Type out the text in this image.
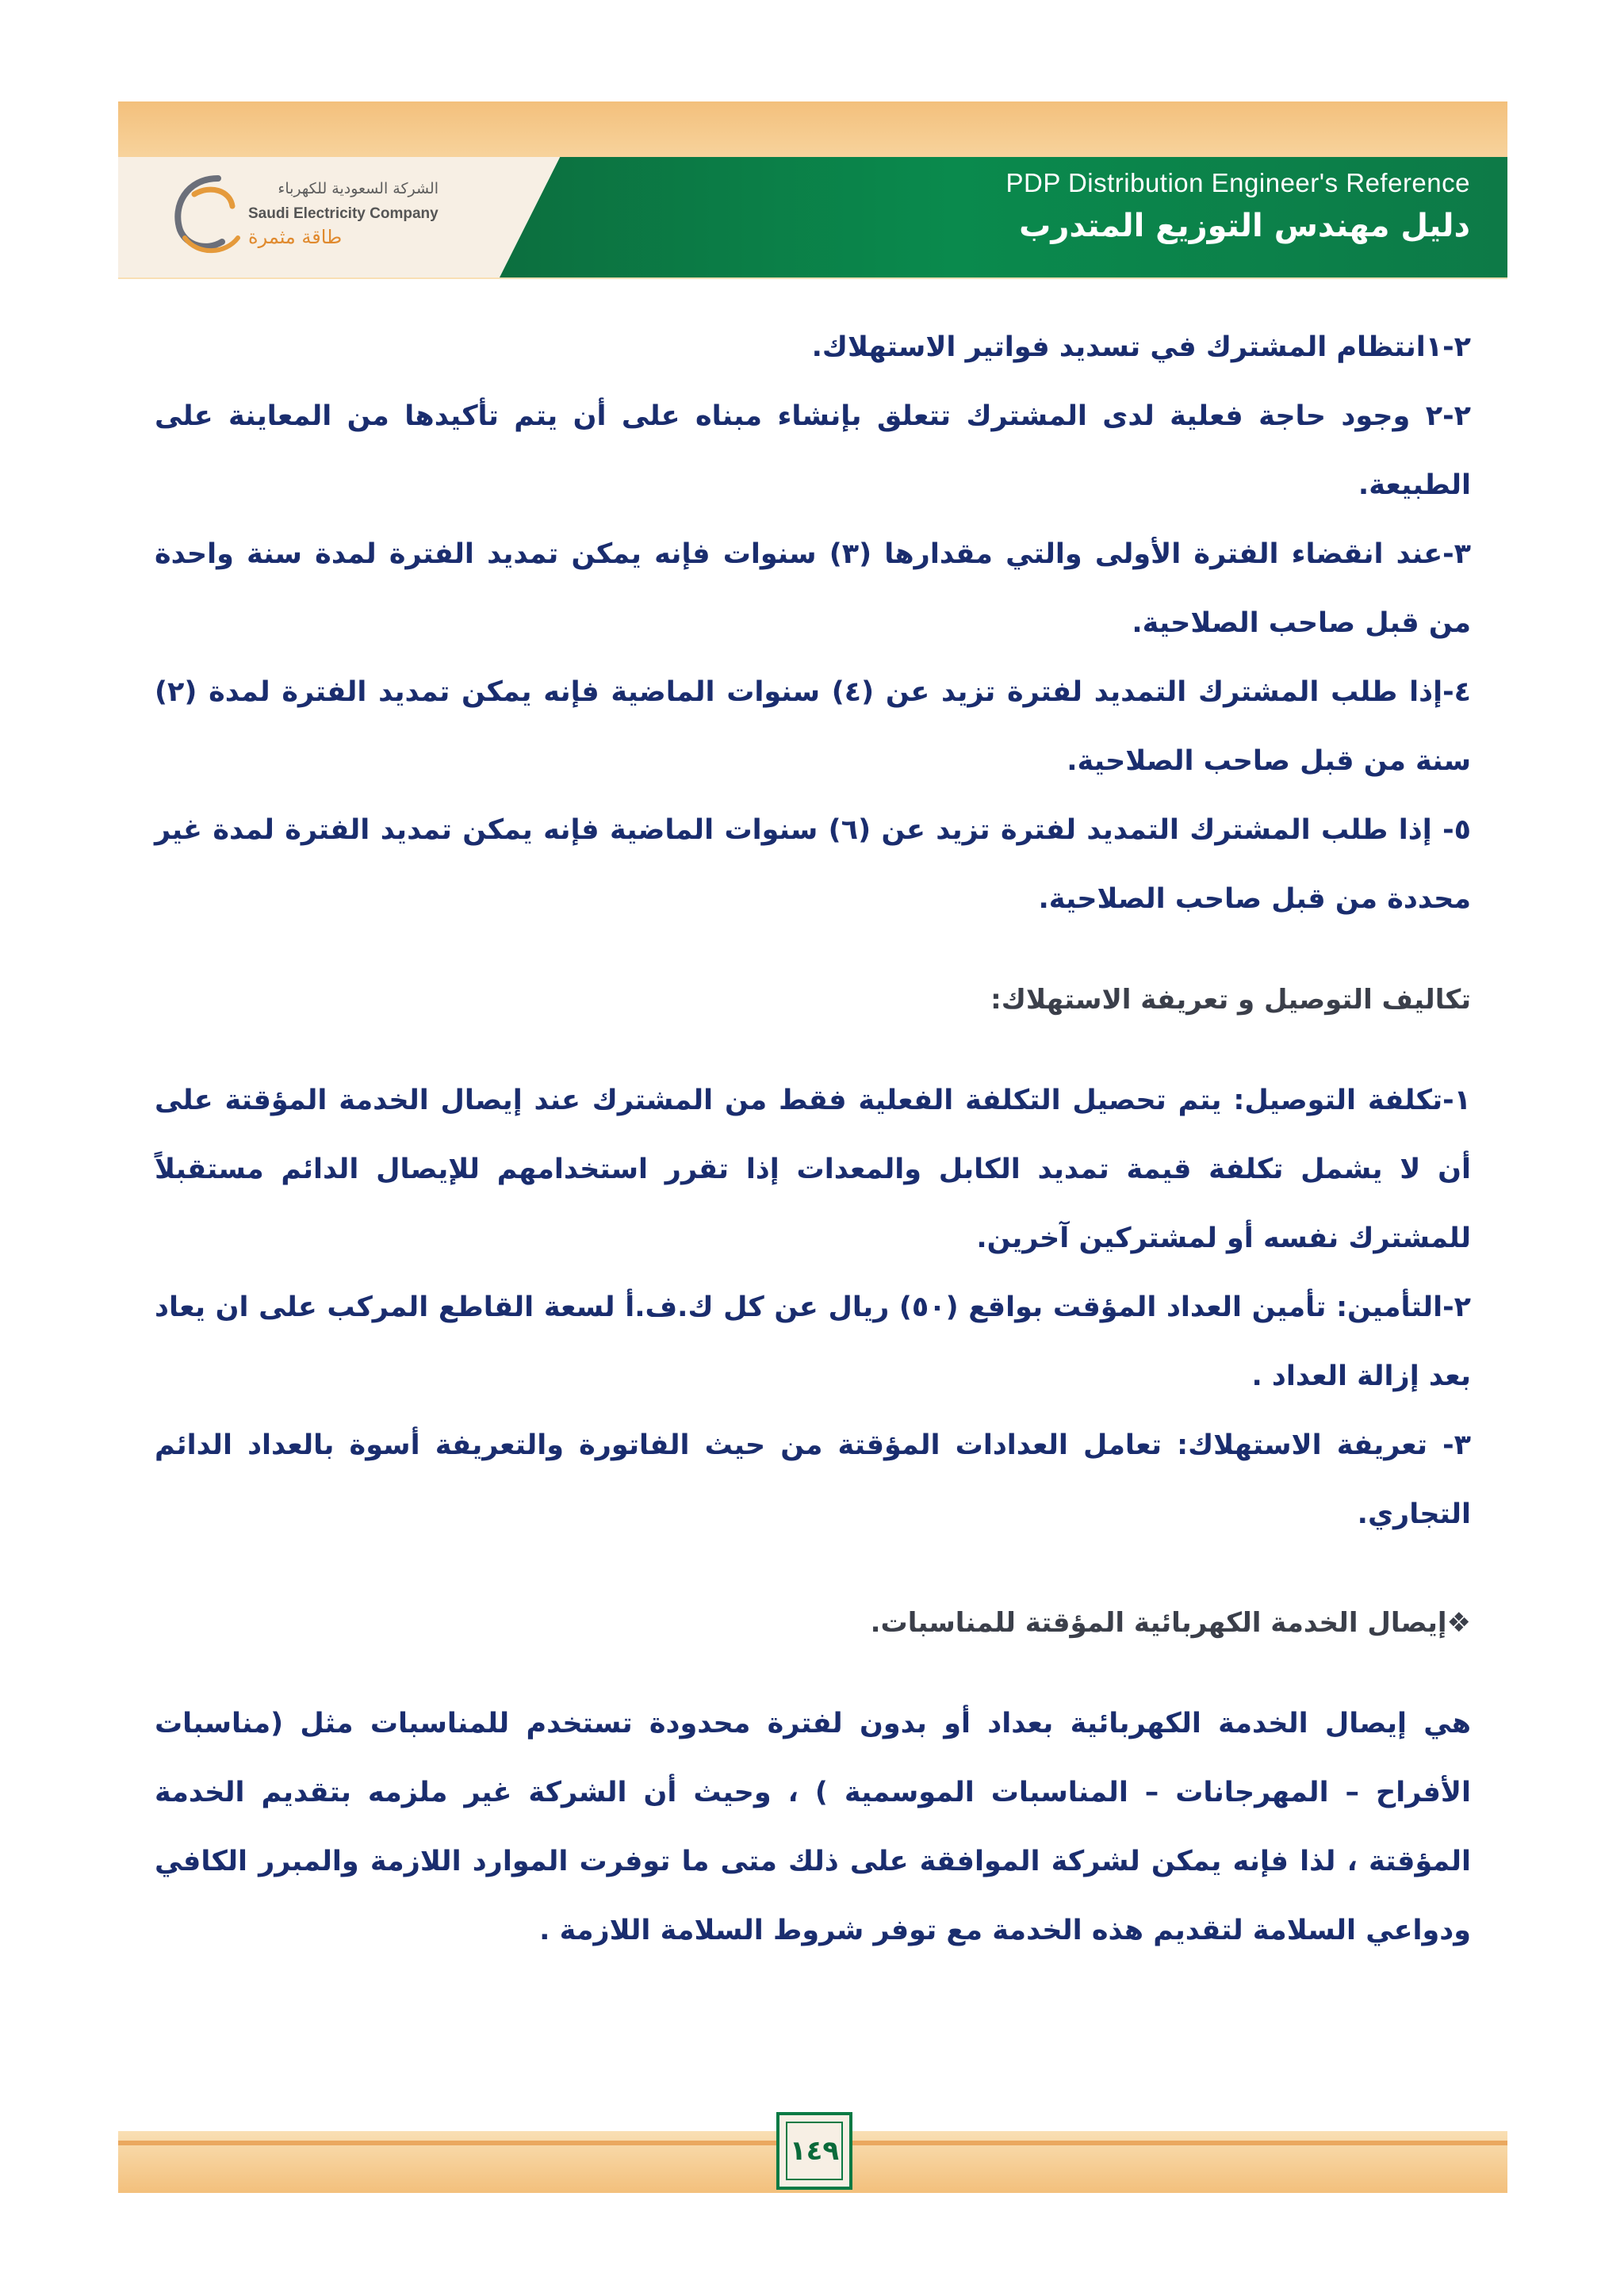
الشركة السعودية للكهرباء
Saudi Electricity Company
طاقة مثمرة
PDP Distribution Engineer's Reference
دليل مهندس التوزيع المتدرب

٢-١انتظام المشترك في تسديد فواتير الاستهلاك.

٢-٢ وجود حاجة فعلية لدى المشترك تتعلق بإنشاء مبناه على أن يتم تأكيدها من المعاينة على الطبيعة.

٣-عند انقضاء الفترة الأولى والتي مقدارها (٣) سنوات فإنه يمكن تمديد الفترة لمدة سنة واحدة من قبل صاحب الصلاحية.

٤-إذا طلب المشترك التمديد لفترة تزيد عن (٤) سنوات الماضية فإنه يمكن تمديد الفترة لمدة (٢) سنة من قبل صاحب الصلاحية.

٥- إذا طلب المشترك التمديد لفترة تزيد عن (٦) سنوات الماضية فإنه يمكن تمديد الفترة لمدة غير محددة من قبل صاحب الصلاحية.

تكاليف التوصيل و تعريفة الاستهلاك:

١-تكلفة التوصيل: يتم تحصيل التكلفة الفعلية فقط من المشترك عند إيصال الخدمة المؤقتة على أن لا يشمل تكلفة قيمة تمديد الكابل والمعدات إذا تقرر استخدامهم للإيصال الدائم مستقبلاً للمشترك نفسه أو لمشتركين آخرين.

٢-التأمين: تأمين العداد المؤقت بواقع (٥٠) ريال عن كل ك.ف.أ لسعة القاطع المركب على ان يعاد بعد إزالة العداد .

٣- تعريفة الاستهلاك: تعامل العدادات المؤقتة من حيث الفاتورة والتعريفة أسوة بالعداد الدائم التجاري.

❖إيصال الخدمة الكهربائية المؤقتة للمناسبات.

هي إيصال الخدمة الكهربائية بعداد أو بدون لفترة محدودة تستخدم للمناسبات مثل (مناسبات الأفراح – المهرجانات – المناسبات الموسمية ) ، وحيث أن الشركة غير ملزمه بتقديم الخدمة المؤقتة ، لذا فإنه يمكن لشركة الموافقة على ذلك متى ما توفرت الموارد اللازمة والمبرر الكافي ودواعي السلامة لتقديم هذه الخدمة مع توفر شروط السلامة اللازمة .

١٤٩
